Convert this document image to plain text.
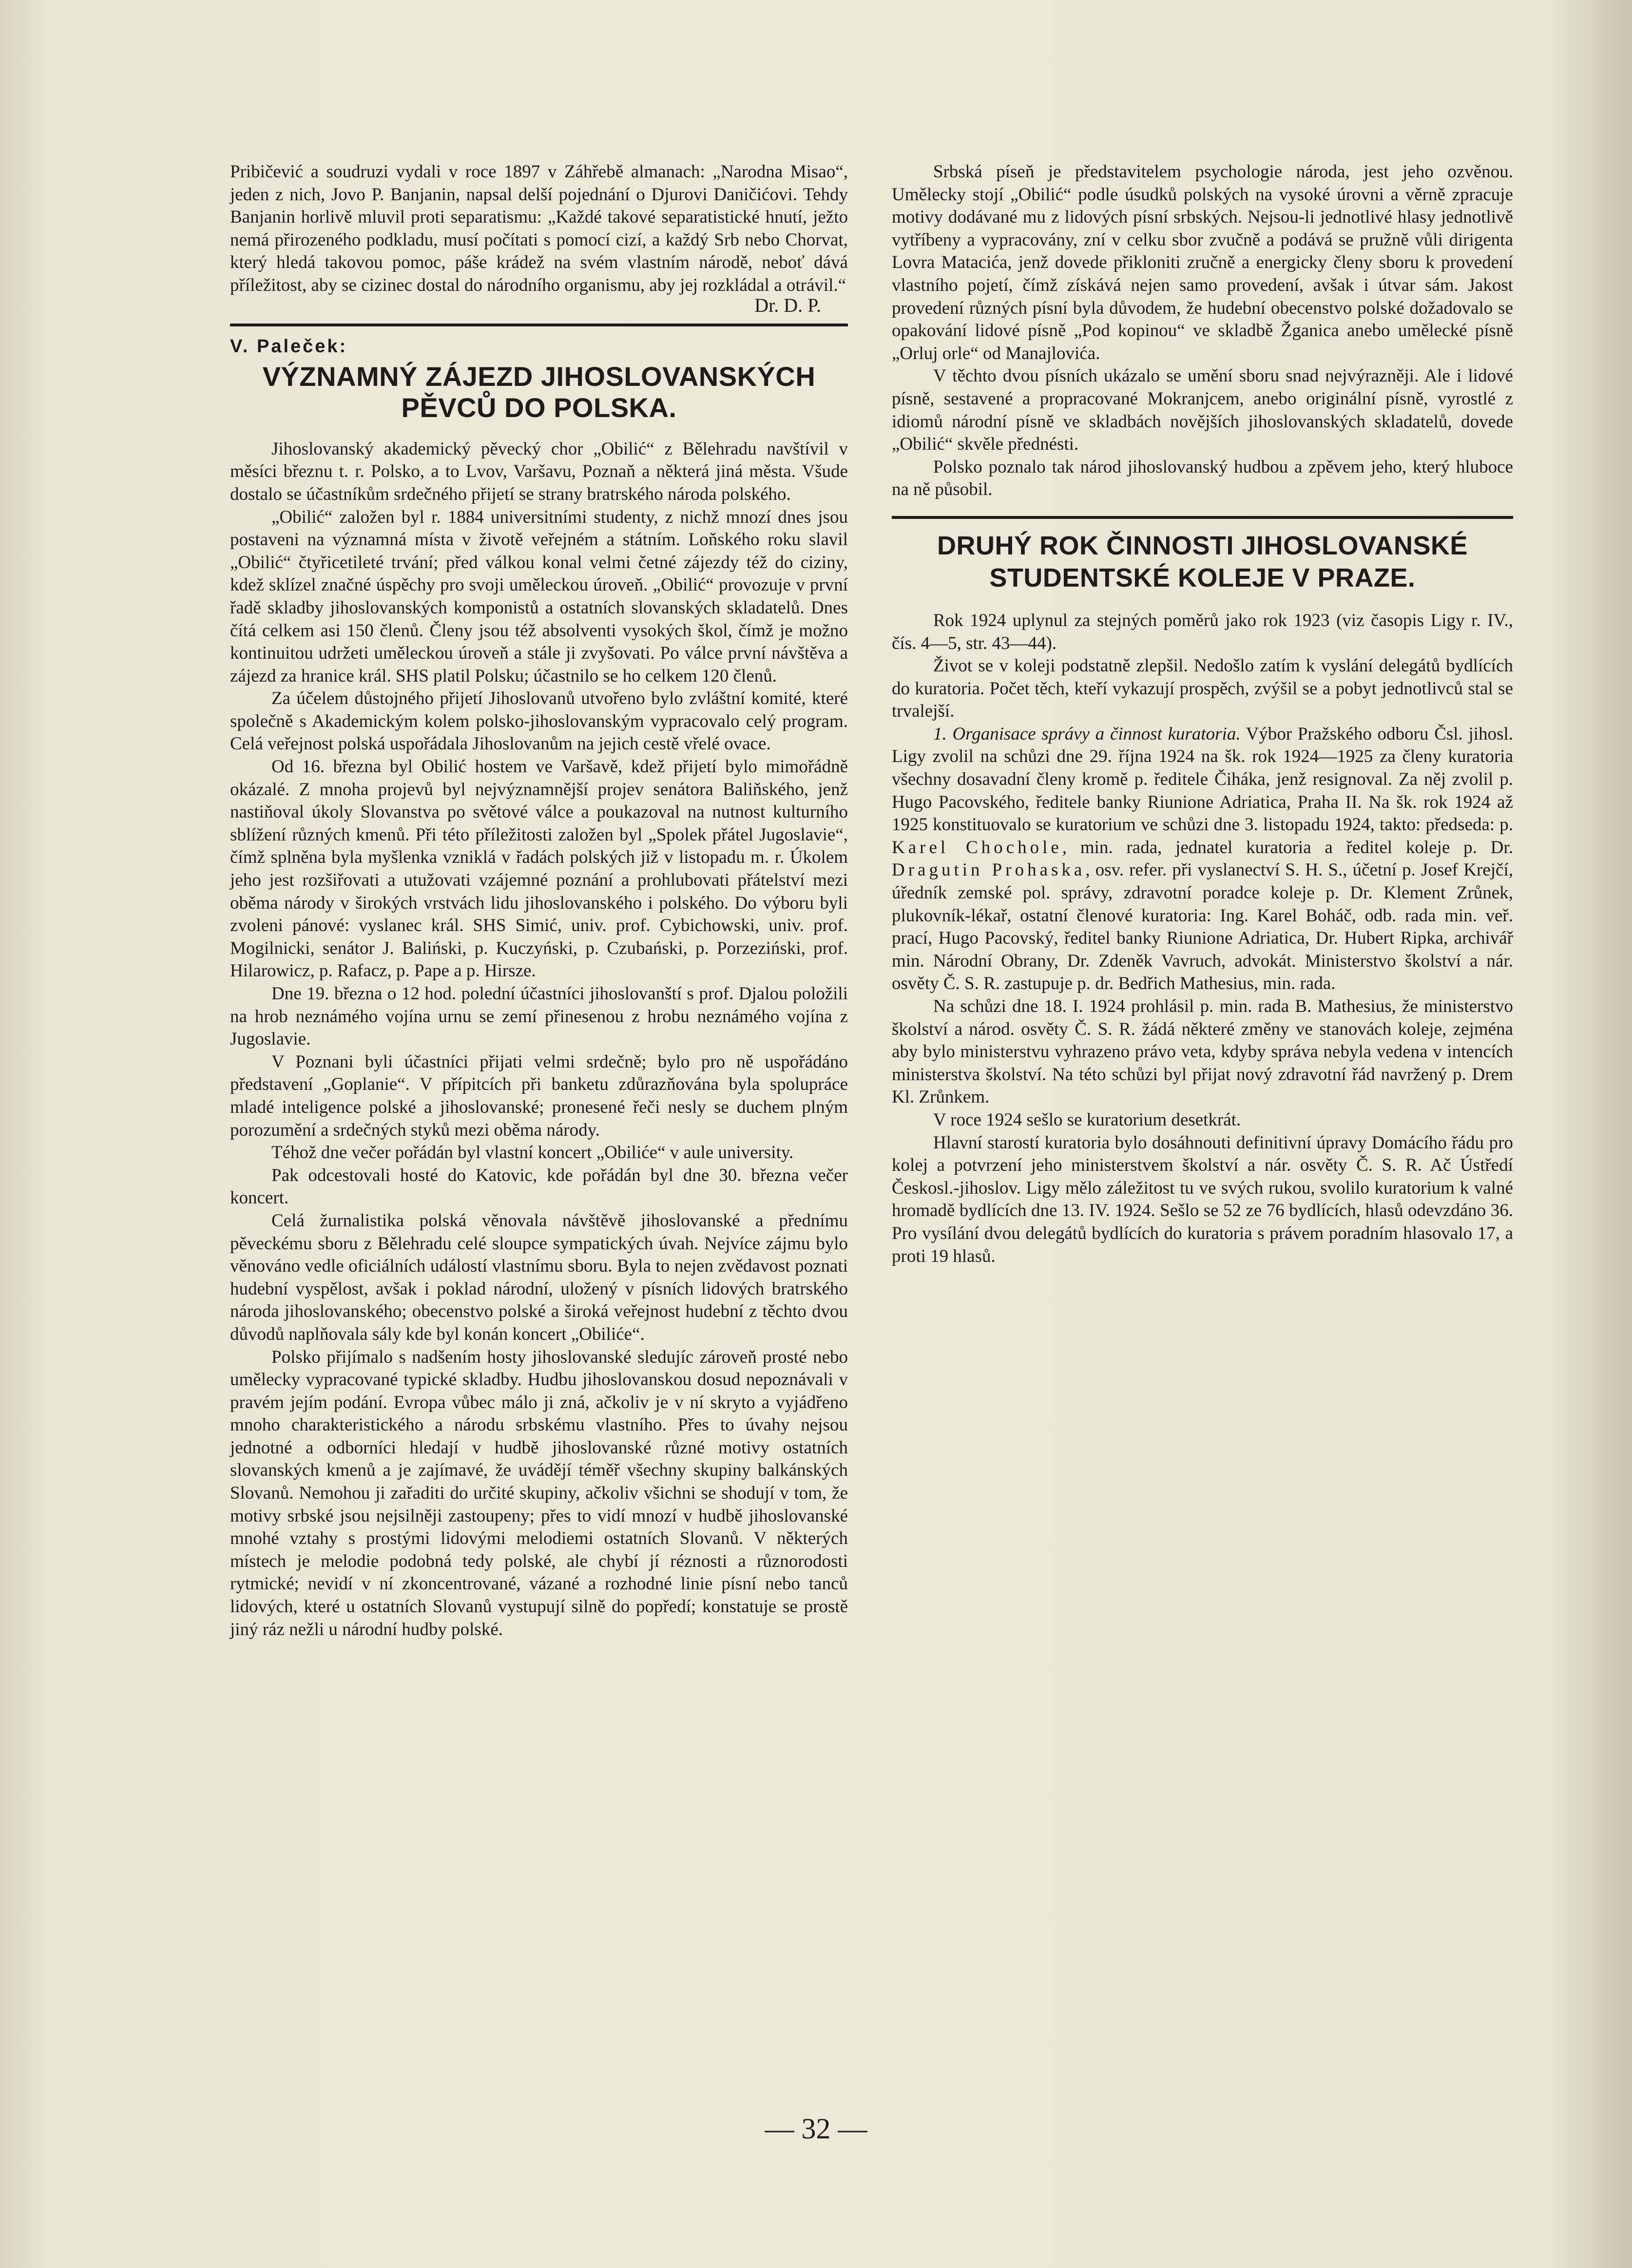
Pribičević a soudruzi vydali v roce 1897 v Záhřebě almanach: „Narodna Misao“, jeden z nich, Jovo P. Banjanin, napsal delší pojednání o Djurovi Daničićovi. Tehdy Banjanin horlivě mluvil proti separatismu: „Každé takové separatistické hnutí, ježto nemá přirozeného podkladu, musí počítati s pomocí cizí, a každý Srb nebo Chorvat, který hledá takovou pomoc, páše krádež na svém vlastním národě, neboť dává příležitost, aby se cizinec dostal do národního organismu, aby jej rozkládal a otrávil.“

Dr. D. P.
V. Paleček:
VÝZNAMNÝ ZÁJEZD JIHOSLOVANSKÝCH PĚVCŮ DO POLSKA.

Jihoslovanský akademický pěvecký chor „Obilić“ z Bělehradu navštívil v měsíci březnu t. r. Polsko, a to Lvov, Varšavu, Poznaň a některá jiná města. Všude dostalo se účastníkům srdečného přijetí se strany bratrského národa polského.

„Obilić“ založen byl r. 1884 universitními studenty, z nichž mnozí dnes jsou postaveni na významná místa v životě veřejném a státním. Loňského roku slavil „Obilić“ čtyřicetileté trvání; před válkou konal velmi četné zájezdy též do ciziny, kdež sklízel značné úspěchy pro svoji uměleckou úroveň. „Obilić“ provozuje v první řadě skladby jihoslovanských komponistů a ostatních slovanských skladatelů. Dnes čítá celkem asi 150 členů. Členy jsou též absolventi vysokých škol, čímž je možno kontinuitou udržeti uměleckou úroveň a stále ji zvyšovati. Po válce první návštěva a zájezd za hranice král. SHS platil Polsku; účastnilo se ho celkem 120 členů.

Za účelem důstojného přijetí Jihoslovanů utvořeno bylo zvláštní komité, které společně s Akademickým kolem polsko-jihoslovanským vypracovalo celý program. Celá veřejnost polská uspořádala Jihoslovanům na jejich cestě vřelé ovace.

Od 16. března byl Obilić hostem ve Varšavě, kdež přijetí bylo mimořádně okázalé. Z mnoha projevů byl nejvýznamnější projev senátora Baliňského, jenž nastiňoval úkoly Slovanstva po světové válce a poukazoval na nutnost kulturního sblížení různých kmenů. Při této příležitosti založen byl „Spolek přátel Jugoslavie“, čímž splněna byla myšlenka vzniklá v řadách polských již v listopadu m. r. Úkolem jeho jest rozšiřovati a utužovati vzájemné poznání a prohlubovati přátelství mezi oběma národy v širokých vrstvách lidu jihoslovanského i polského. Do výboru byli zvoleni pánové: vyslanec král. SHS Simić, univ. prof. Cybichowski, univ. prof. Mogilnicki, senátor J. Baliński, p. Kuczyński, p. Czubański, p. Porzeziński, prof. Hilarowicz, p. Rafacz, p. Pape a p. Hirsze.

Dne 19. března o 12 hod. polední účastníci jihoslovanští s prof. Djalou položili na hrob neznámého vojína urnu se zemí přinesenou z hrobu neznámého vojína z Jugoslavie.

V Poznani byli účastníci přijati velmi srdečně; bylo pro ně uspořádáno představení „Goplanie“. V přípitcích při banketu zdůrazňována byla spolupráce mladé inteligence polské a jihoslovanské; pronesené řeči nesly se duchem plným porozumění a srdečných styků mezi oběma národy.

Téhož dne večer pořádán byl vlastní koncert „Obiliće“ v aule university.

Pak odcestovali hosté do Katovic, kde pořádán byl dne 30. března večer koncert.

Celá žurnalistika polská věnovala návštěvě jihoslovanské a přednímu pěveckému sboru z Bělehradu celé sloupce sympatických úvah. Nejvíce zájmu bylo věnováno vedle oficiálních událostí vlastnímu sboru. Byla to nejen zvědavost poznati hudební vyspělost, avšak i poklad národní, uložený v písních lidových bratrského národa jihoslovanského; obecenstvo polské a široká veřejnost hudební z těchto dvou důvodů naplňovala sály kde byl konán koncert „Obiliće“.

Polsko přijímalo s nadšením hosty jihoslovanské sledujíc zároveň prosté nebo umělecky vypracované typické skladby. Hudbu jihoslovanskou dosud nepoznávali v pravém jejím podání. Evropa vůbec málo ji zná, ačkoliv je v ní skryto a vyjádřeno mnoho charakteristického a národu srbskému vlastního. Přes to úvahy nejsou jednotné a odborníci hledají v hudbě jihoslovanské různé motivy ostatních slovanských kmenů a je zajímavé, že uvádějí téměř všechny skupiny balkánských Slovanů. Nemohou ji zařaditi do určité skupiny, ačkoliv všichni se shodují v tom, že motivy srbské jsou nejsilněji zastoupeny; přes to vidí mnozí v hudbě jihoslovanské mnohé vztahy s prostými lidovými melodiemi ostatních Slovanů. V některých místech je melodie podobná tedy polské, ale chybí jí réznosti a různorodosti rytmické; nevidí v ní zkoncentrované, vázané a rozhodné linie písní nebo tanců lidových, které u ostatních Slovanů vystupují silně do popředí; konstatuje se prostě jiný ráz nežli u národní hudby polské.

Srbská píseň je představitelem psychologie národa, jest jeho ozvěnou. Umělecky stojí „Obilić“ podle úsudků polských na vysoké úrovni a věrně zpracuje motivy dodávané mu z lidových písní srbských. Nejsou-li jednotlivé hlasy jednotlivě vytříbeny a vypracovány, zní v celku sbor zvučně a podává se pružně vůli dirigenta Lovra Matacića, jenž dovede přikloniti zručně a energicky členy sboru k provedení vlastního pojetí, čímž získává nejen samo provedení, avšak i útvar sám. Jakost provedení různých písní byla důvodem, že hudební obecenstvo polské dožadovalo se opakování lidové písně „Pod kopinou“ ve skladbě Žganica anebo umělecké písně „Orluj orle“ od Manajlovića.

V těchto dvou písních ukázalo se umění sboru snad nejvýrazněji. Ale i lidové písně, sestavené a propracované Mokranjcem, anebo originální písně, vyrostlé z idiomů národní písně ve skladbách novějších jihoslovanských skladatelů, dovede „Obilić“ skvěle přednésti.

Polsko poznalo tak národ jihoslovanský hudbou a zpěvem jeho, který hluboce na ně působil.

DRUHÝ ROK ČINNOSTI JIHOSLOVANSKÉ STUDENTSKÉ KOLEJE V PRAZE.

Rok 1924 uplynul za stejných poměrů jako rok 1923 (viz časopis Ligy r. IV., čís. 4—5, str. 43—44).

Život se v koleji podstatně zlepšil. Nedošlo zatím k vyslání delegátů bydlících do kuratoria. Počet těch, kteří vykazují prospěch, zvýšil se a pobyt jednotlivců stal se trvalejší.

1. Organisace správy a činnost kuratoria. Výbor Pražského odboru Čsl. jihosl. Ligy zvolil na schůzi dne 29. října 1924 na šk. rok 1924—1925 za členy kuratoria všechny dosavadní členy kromě p. ředitele Čiháka, jenž resignoval. Za něj zvolil p. Hugo Pacovského, ředitele banky Riunione Adriatica, Praha II. Na šk. rok 1924 až 1925 konstituovalo se kuratorium ve schůzi dne 3. listopadu 1924, takto: předseda: p. Karel Chochole, min. rada, jednatel kuratoria a ředitel koleje p. Dr. Dragutin Prohaska, osv. refer. při vyslanectví S. H. S., účetní p. Josef Krejčí, úředník zemské pol. správy, zdravotní poradce koleje p. Dr. Klement Zrůnek, plukovník-lékař, ostatní členové kuratoria: Ing. Karel Boháč, odb. rada min. veř. prací, Hugo Pacovský, ředitel banky Riunione Adriatica, Dr. Hubert Ripka, archivář min. Národní Obrany, Dr. Zdeněk Vavruch, advokát. Ministerstvo školství a nár. osvěty Č. S. R. zastupuje p. dr. Bedřich Mathesius, min. rada.

Na schůzi dne 18. I. 1924 prohlásil p. min. rada B. Mathesius, že ministerstvo školství a národ. osvěty Č. S. R. žádá některé změny ve stanovách koleje, zejména aby bylo ministerstvu vyhrazeno právo veta, kdyby správa nebyla vedena v intencích ministerstva školství. Na této schůzi byl přijat nový zdravotní řád navržený p. Drem Kl. Zrůnkem.

V roce 1924 sešlo se kuratorium desetkrát.

Hlavní starostí kuratoria bylo dosáhnouti definitivní úpravy Domácího řádu pro kolej a potvrzení jeho ministerstvem školství a nár. osvěty Č. S. R. Ač Ústředí Českosl.-jihoslov. Ligy mělo záležitost tu ve svých rukou, svolilo kuratorium k valné hromadě bydlících dne 13. IV. 1924. Sešlo se 52 ze 76 bydlících, hlasů odevzdáno 36. Pro vysílání dvou delegátů bydlících do kuratoria s právem poradním hlasovalo 17, a proti 19 hlasů.

— 32 —
